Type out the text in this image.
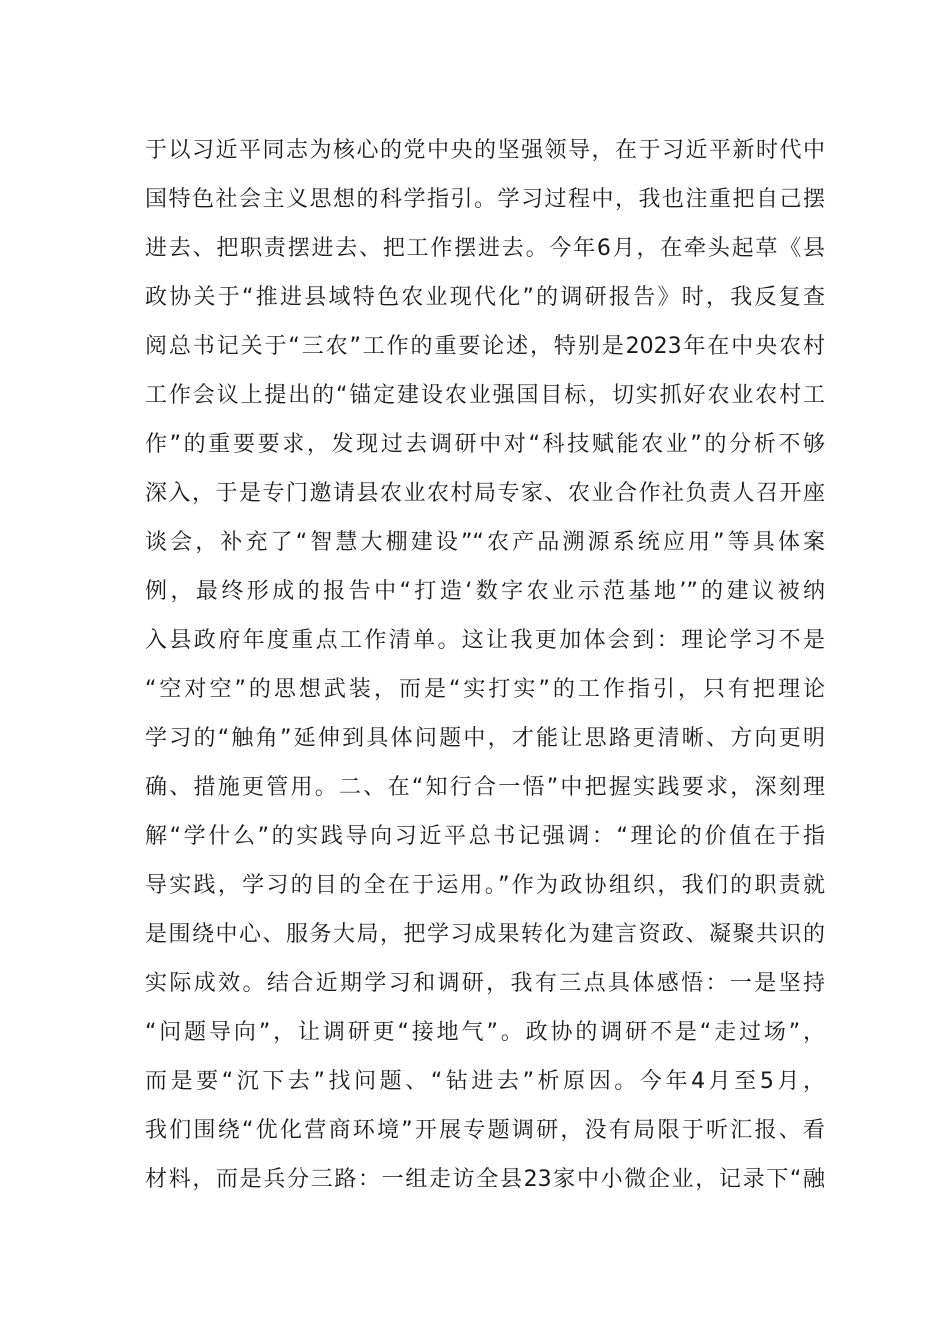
于以习近平同志为核心的党中央的坚强领导，在于习近平新时代中
国特色社会主义思想的科学指引。学习过程中，我也注重把自己摆
进去、把职责摆进去、把工作摆进去。今年6月，在牵头起草《县
政协关于“推进县域特色农业现代化”的调研报告》时，我反复查
阅总书记关于“三农”工作的重要论述，特别是2023年在中央农村
工作会议上提出的“锚定建设农业强国目标，切实抓好农业农村工
作”的重要要求，发现过去调研中对“科技赋能农业”的分析不够
深入，于是专门邀请县农业农村局专家、农业合作社负责人召开座
谈会，补充了“智慧大棚建设”“农产品溯源系统应用”等具体案
例，最终形成的报告中“打造‘数字农业示范基地’”的建议被纳
入县政府年度重点工作清单。这让我更加体会到：理论学习不是
“空对空”的思想武装，而是“实打实”的工作指引，只有把理论
学习的“触角”延伸到具体问题中，才能让思路更清晰、方向更明
确、措施更管用。二、在“知行合一悟”中把握实践要求，深刻理
解“学什么”的实践导向习近平总书记强调：“理论的价值在于指
导实践，学习的目的全在于运用。”作为政协组织，我们的职责就
是围绕中心、服务大局，把学习成果转化为建言资政、凝聚共识的
实际成效。结合近期学习和调研，我有三点具体感悟：一是坚持
“问题导向”，让调研更“接地气”。政协的调研不是“走过场”，
而是要“沉下去”找问题、“钻进去”析原因。今年4月至5月，
我们围绕“优化营商环境”开展专题调研，没有局限于听汇报、看
材料，而是兵分三路：一组走访全县23家中小微企业，记录下“融
